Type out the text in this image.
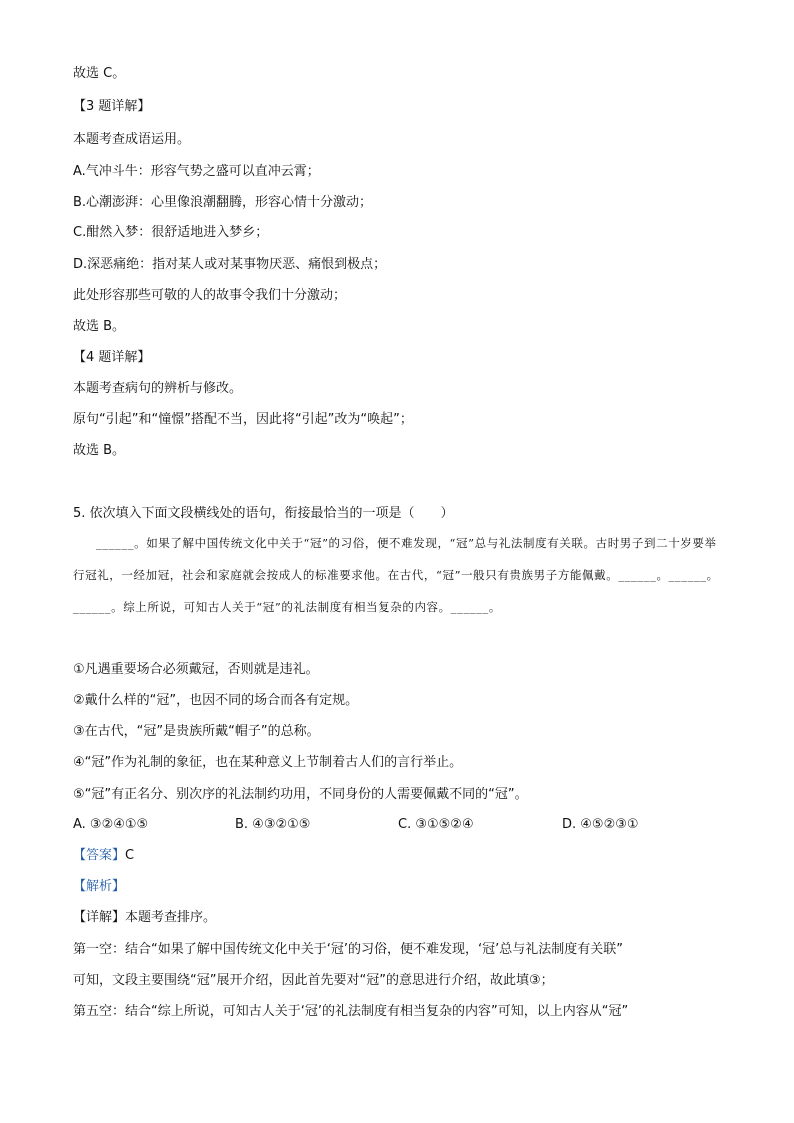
故选 C。
【3 题详解】
本题考查成语运用。
A.气冲斗牛：形容气势之盛可以直冲云霄；
B.心潮澎湃：心里像浪潮翻腾，形容心情十分激动；
C.酣然入梦：很舒适地进入梦乡；
D.深恶痛绝：指对某人或对某事物厌恶、痛恨到极点；
此处形容那些可敬的人的故事令我们十分激动；
故选 B。
【4 题详解】
本题考查病句的辨析与修改。
原句“引起”和“憧憬”搭配不当，因此将“引起”改为“唤起”；
故选 B。
5. 依次填入下面文段横线处的语句，衔接最恰当的一项是（　　）

______。如果了解中国传统文化中关于“冠”的习俗，便不难发现，“冠”总与礼法制度有关联。古时男子到二十岁要举行冠礼，一经加冠，社会和家庭就会按成人的标准要求他。在古代，“冠”一般只有贵族男子方能佩戴。______。______。______。综上所说，可知古人关于“冠”的礼法制度有相当复杂的内容。______。

①凡遇重要场合必须戴冠，否则就是违礼。
②戴什么样的“冠”，也因不同的场合而各有定规。
③在古代，“冠”是贵族所戴“帽子”的总称。
④“冠”作为礼制的象征，也在某种意义上节制着古人们的言行举止。
⑤“冠”有正名分、别次序的礼法制约功用，不同身份的人需要佩戴不同的“冠”。
A. ③②④①⑤	B. ④③②①⑤	C. ③①⑤②④	D. ④⑤②③①
【答案】C
【解析】
【详解】本题考查排序。
第一空：结合“如果了解中国传统文化中关于‘冠’的习俗，便不难发现，‘冠’总与礼法制度有关联”
可知，文段主要围绕“冠”展开介绍，因此首先要对“冠”的意思进行介绍，故此填③；
第五空：结合“综上所说，可知古人关于‘冠’的礼法制度有相当复杂的内容”可知，以上内容从“冠”
